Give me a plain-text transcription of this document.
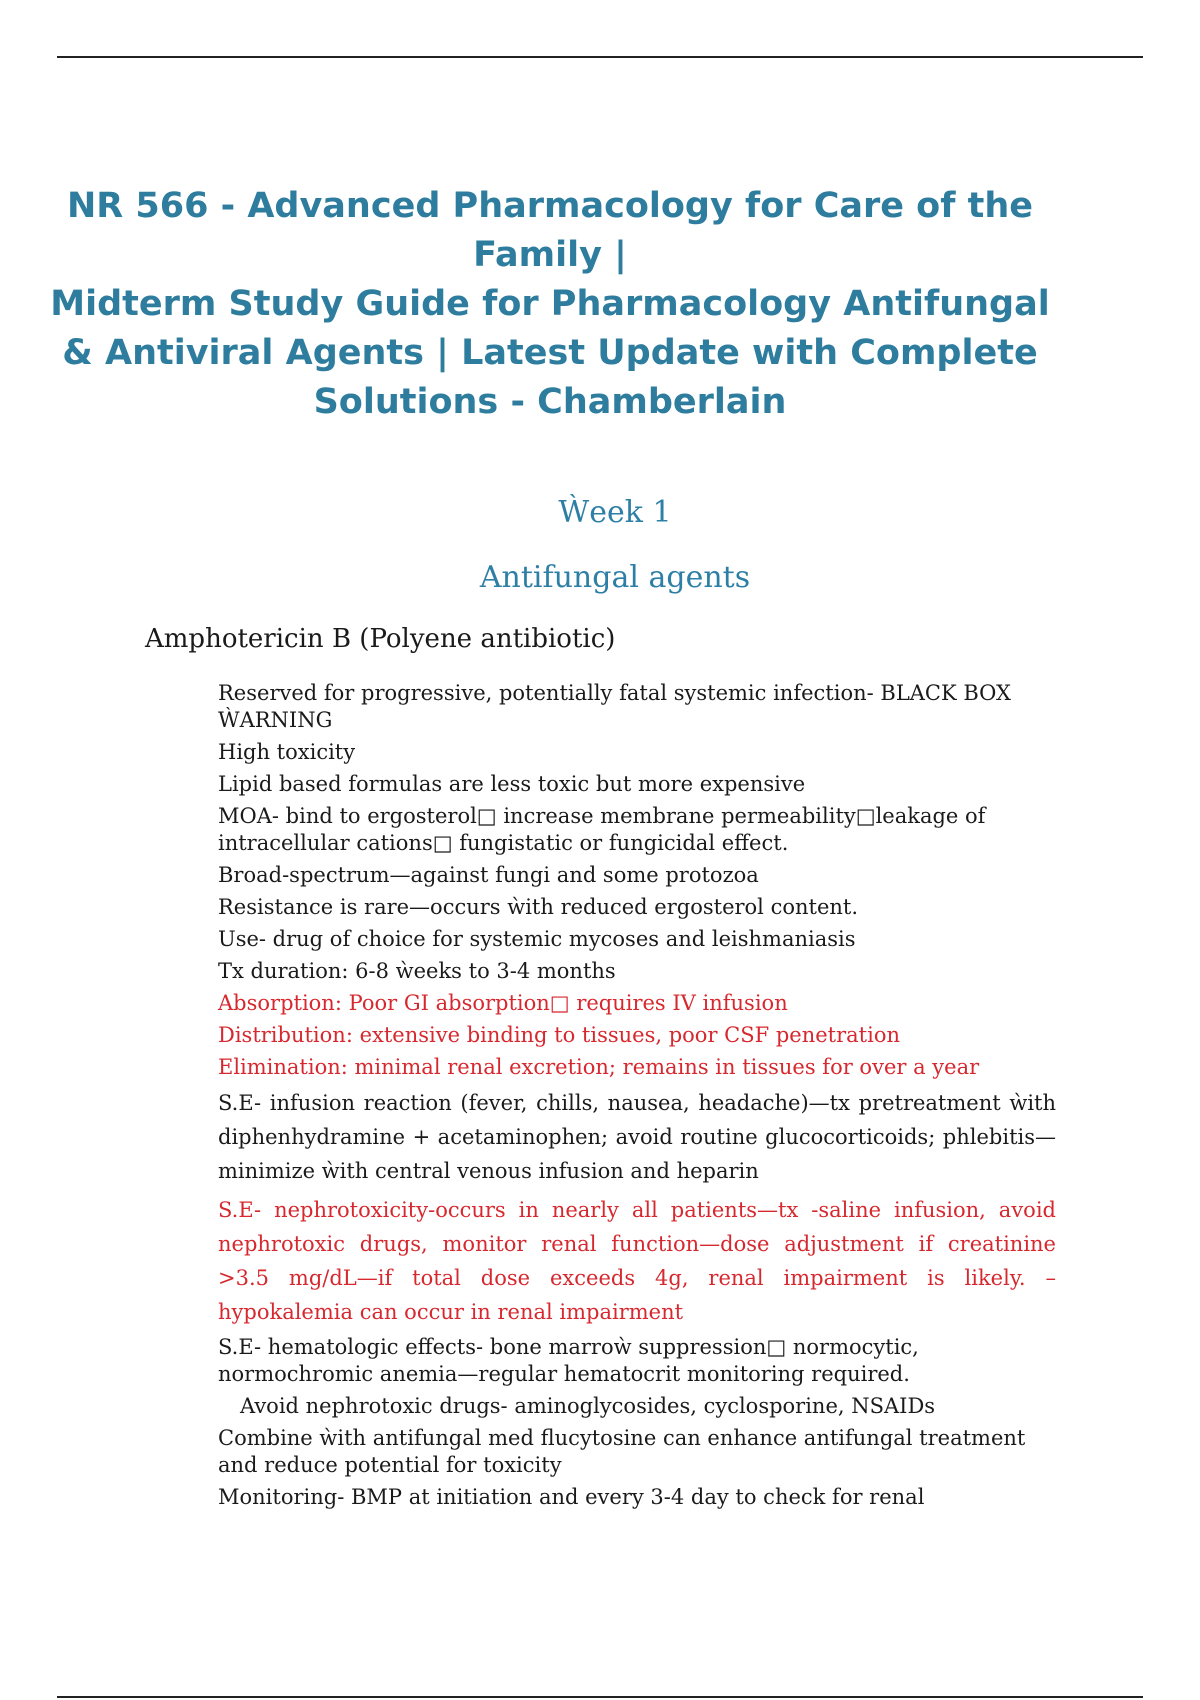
NR 566 - Advanced Pharmacology for Care of the Family |
Midterm Study Guide for Pharmacology Antifungal
& Antiviral Agents | Latest Update with Complete
Solutions - Chamberlain
Ẁeek 1
Antifungal agents
Amphotericin B (Polyene antibiotic)
Reserved for progressive, potentially fatal systemic infection- BLACK BOX ẀARNING
High toxicity
Lipid based formulas are less toxic but more expensive
MOA- bind to ergosterol□ increase membrane permeability□leakage of intracellular cations□ fungistatic or fungicidal effect.
Broad-spectrum—against fungi and some protozoa
Resistance is rare—occurs ẁith reduced ergosterol content.
Use- drug of choice for systemic mycoses and leishmaniasis
Tx duration: 6-8 ẁeeks to 3-4 months
Absorption: Poor GI absorption□ requires IV infusion
Distribution: extensive binding to tissues, poor CSF penetration
Elimination: minimal renal excretion; remains in tissues for over a year
S.E- infusion reaction (fever, chills, nausea, headache)—tx pretreatment ẁith diphenhydramine + acetaminophen; avoid routine glucocorticoids; phlebitis—minimize ẁith central venous infusion and heparin
S.E- nephrotoxicity-occurs in nearly all patients—tx -saline infusion, avoid nephrotoxic drugs, monitor renal function—dose adjustment if creatinine >3.5 mg/dL—if total dose exceeds 4g, renal impairment is likely. –hypokalemia can occur in renal impairment
S.E- hematologic effects- bone marroẁ suppression□ normocytic, normochromic anemia—regular hematocrit monitoring required.
Avoid nephrotoxic drugs- aminoglycosides, cyclosporine, NSAIDs
Combine ẁith antifungal med flucytosine can enhance antifungal treatment and reduce potential for toxicity
Monitoring- BMP at initiation and every 3-4 day to check for renal
